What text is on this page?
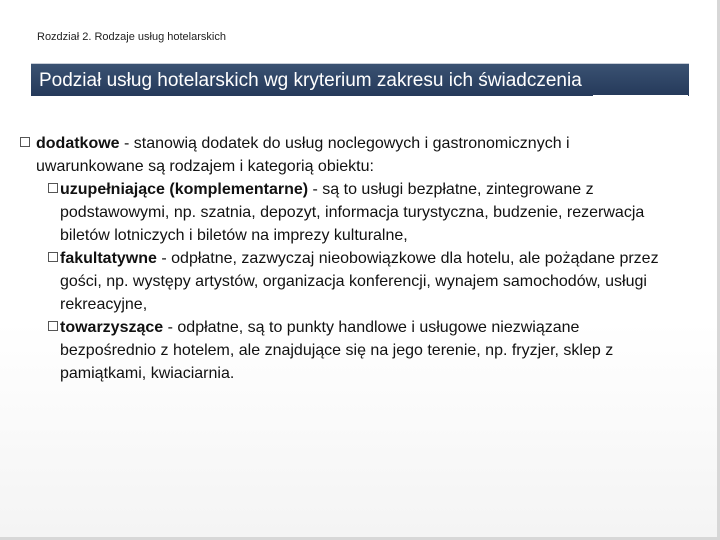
Rozdział 2. Rodzaje usług hotelarskich
Podział usług hotelarskich wg kryterium zakresu ich świadczenia
dodatkowe - stanowią dodatek do usług noclegowych i gastronomicznych i uwarunkowane są rodzajem i kategorią obiektu:
uzupełniające (komplementarne) - są to usługi bezpłatne, zintegrowane z podstawowymi, np. szatnia, depozyt, informacja turystyczna, budzenie, rezerwacja biletów lotniczych i biletów na imprezy kulturalne,
fakultatywne - odpłatne, zazwyczaj nieobowiązkowe dla hotelu, ale pożądane przez gości, np. występy artystów, organizacja konferencji, wynajem samochodów, usługi rekreacyjne,
towarzyszące - odpłatne, są to punkty handlowe i usługowe niezwiązane bezpośrednio z hotelem, ale znajdujące się na jego terenie, np. fryzjer, sklep z pamiątkami, kwiaciarnia.
